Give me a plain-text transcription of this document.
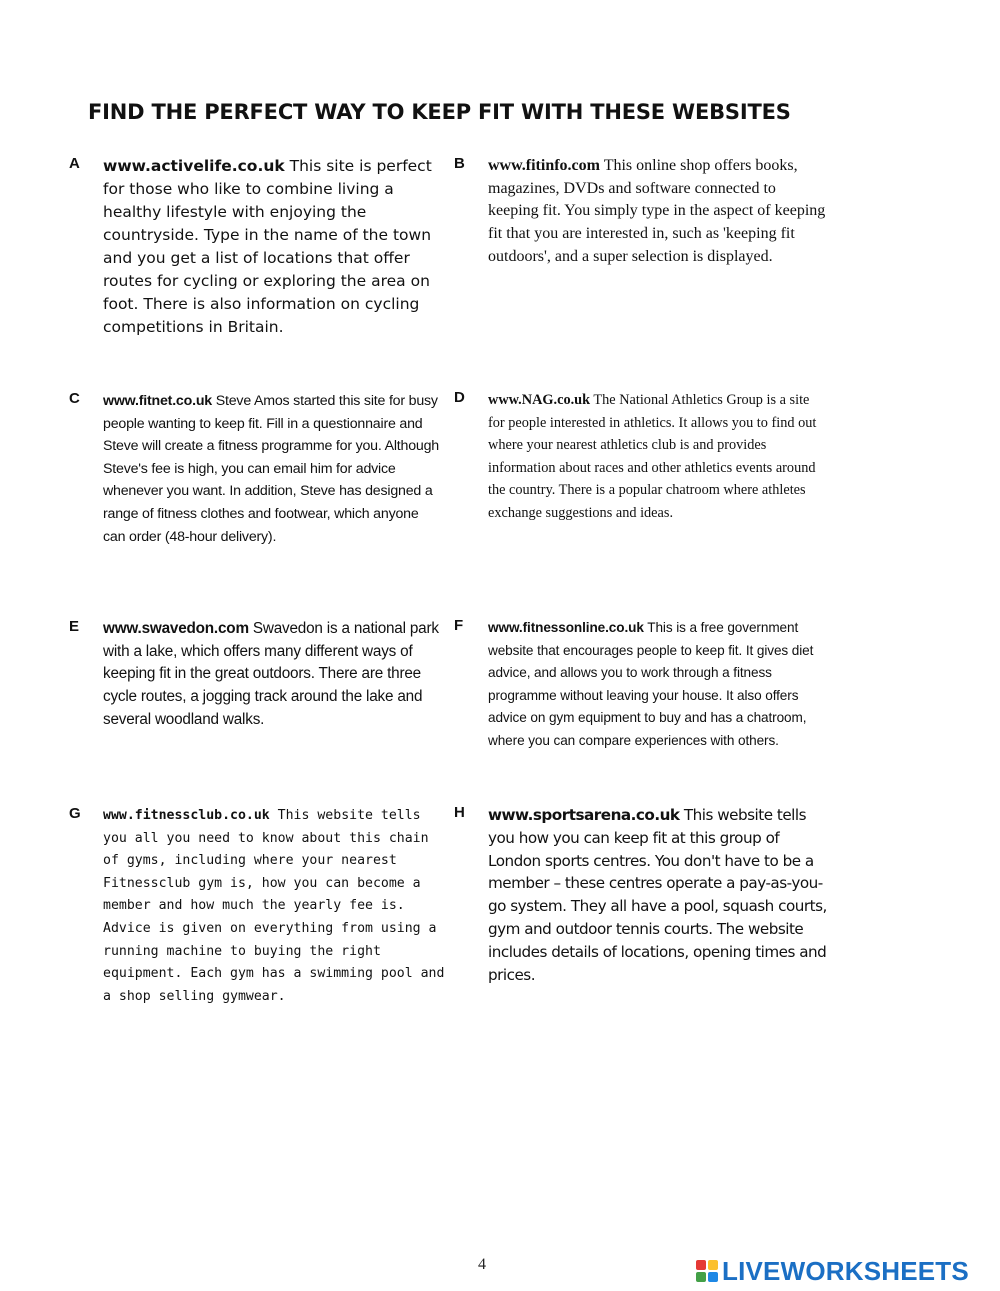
FIND THE PERFECT WAY TO KEEP FIT WITH THESE WEBSITES
A www.activelife.co.uk This site is perfect for those who like to combine living a healthy lifestyle with enjoying the countryside. Type in the name of the town and you get a list of locations that offer routes for cycling or exploring the area on foot. There is also information on cycling competitions in Britain.
B www.fitinfo.com This online shop offers books, magazines, DVDs and software connected to keeping fit. You simply type in the aspect of keeping fit that you are interested in, such as 'keeping fit outdoors', and a super selection is displayed.
C www.fitnet.co.uk Steve Amos started this site for busy people wanting to keep fit. Fill in a questionnaire and Steve will create a fitness programme for you. Although Steve's fee is high, you can email him for advice whenever you want. In addition, Steve has designed a range of fitness clothes and footwear, which anyone can order (48-hour delivery).
D www.NAG.co.uk The National Athletics Group is a site for people interested in athletics. It allows you to find out where your nearest athletics club is and provides information about races and other athletics events around the country. There is a popular chatroom where athletes exchange suggestions and ideas.
E www.swavedon.com Swavedon is a national park with a lake, which offers many different ways of keeping fit in the great outdoors. There are three cycle routes, a jogging track around the lake and several woodland walks.
F www.fitnessonline.co.uk This is a free government website that encourages people to keep fit. It gives diet advice, and allows you to work through a fitness programme without leaving your house. It also offers advice on gym equipment to buy and has a chatroom, where you can compare experiences with others.
G www.fitnessclub.co.uk This website tells you all you need to know about this chain of gyms, including where your nearest Fitnessclub gym is, how you can become a member and how much the yearly fee is. Advice is given on everything from using a running machine to buying the right equipment. Each gym has a swimming pool and a shop selling gymwear.
H www.sportsarena.co.uk This website tells you how you can keep fit at this group of London sports centres. You don't have to be a member – these centres operate a pay-as-you-go system. They all have a pool, squash courts, gym and outdoor tennis courts. The website includes details of locations, opening times and prices.
4	LIVEWORKSHEETS
